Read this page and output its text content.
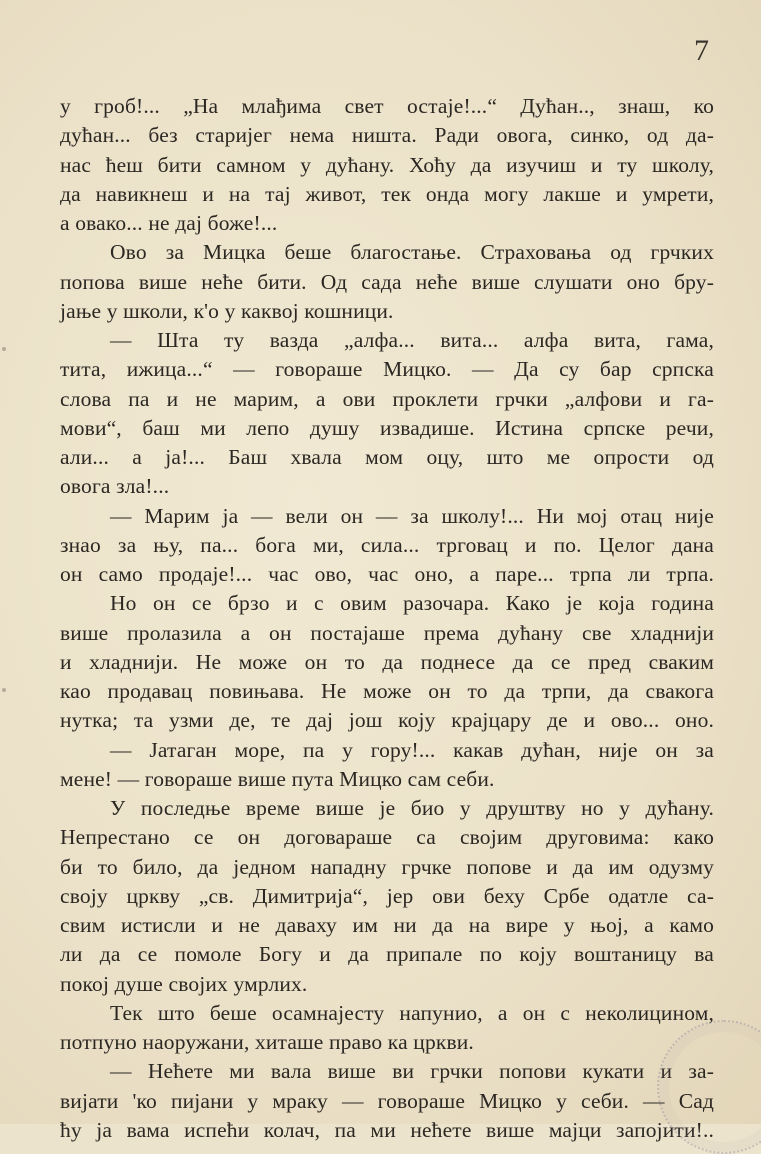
7
у гроб!... „На млађима свет остаје!...“ Дућан.., знаш, ко
дућан... без старијег нема ништа. Ради овога, синко, од да-
нас ћеш бити самном у дућану. Хоћу да изучиш и ту школу,
да навикнеш и на тај живот, тек онда могу лакше и умрети,
а овако... не дај боже!...
Ово за Мицка беше благостање. Страховања од грчких
попова више неће бити. Од сада неће више слушати оно бру-
јање у школи, к'о у каквој кошници.
— Шта ту ваздa „алфа... вита... алфа вита, гама,
тита, ижица...“ — говораше Мицко. — Да су бар српска
слова па и не марим, а ови проклети грчки „алфови и га-
мови“, баш ми лепо душу извадише. Истина српске речи,
али... а ја!... Баш хвала мом оцу, што ме опрости од
овога зла!...
— Марим ја — вели он — за школу!... Ни мој отац није
знао за њу, па... бога ми, сила... трговац и по. Целог дана
он само продаје!... час ово, час оно, а паре... трпа ли трпа.
Но он се брзо и с овим разочара. Како је која година
више пролазила а он постајаше према дућану све хладнији
и хладнији. Не може он то да поднесе да се пред сваким
као продавац повињава. Не може он то да трпи, да свакога
нутка; та узми де, те дај још коју крајцару де и ово... оно.
— Јатаган море, па у гору!... какав дућан, није он за
мене! — говораше више пута Мицко сам себи.
У последње време више је био у друштву но у дућану.
Непрестано се он договараше са својим друговима: како
би то било, да једном нападну грчке попове и да им одузму
своју цркву „св. Димитрија“, јер ови беху Србе одатле са-
свим истисли и не даваху им ни да на вире у њој, а камо
ли да се помоле Богу и да припале по коју воштаницу ва
покој душе својих умрлих.
Тек што беше осамнаjесту напунио, а он с неколицином,
потпуно наоружани, хиташе право ка цркви.
— Нећете ми вала више ви грчки попови кукати и за-
вијати 'ко пијани у мраку — говораше Мицко у себи. — Сад
ћу ја вама испећи колач, па ми нећете више мајци запојити!..
